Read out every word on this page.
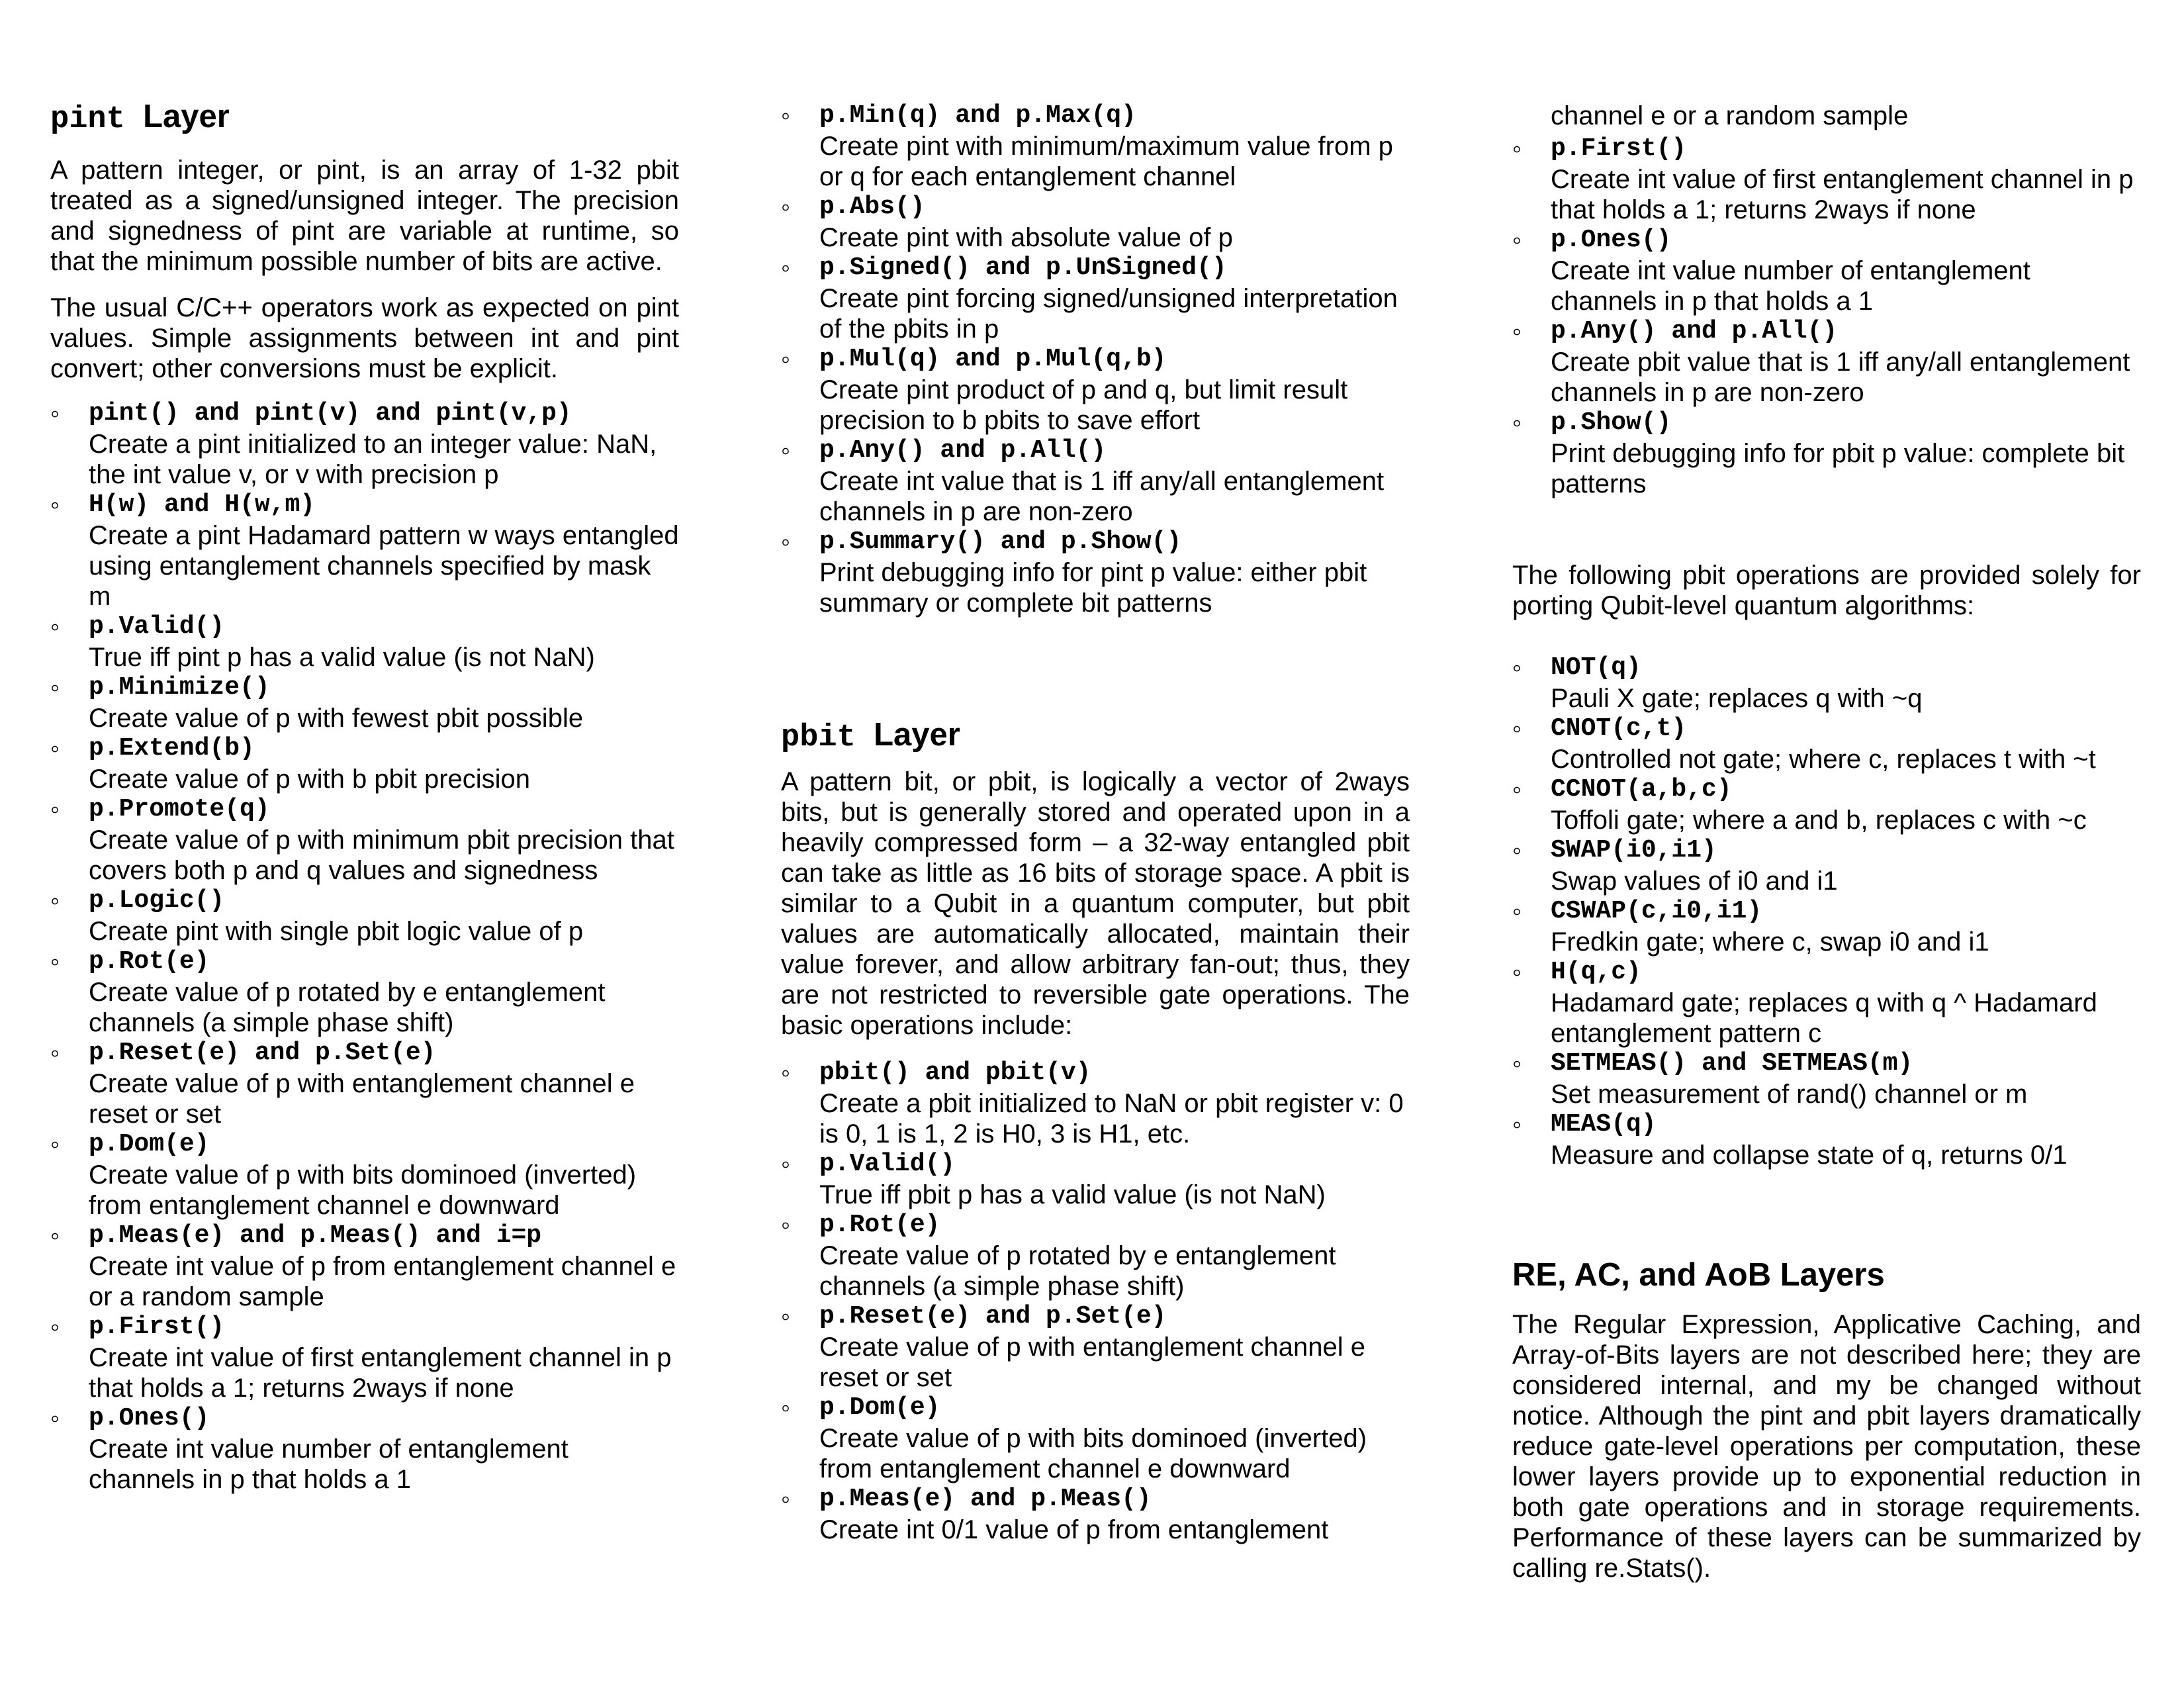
pint Layer
A pattern integer, or pint, is an array of 1-32 pbit treated as a signed/unsigned integer. The precision and signedness of pint are variable at runtime, so that the minimum possible number of bits are active.
The usual C/C++ operators work as expected on pint values. Simple assignments between int and pint convert; other conversions must be explicit.
◦ pint() and pint(v) and pint(v,p)
Create a pint initialized to an integer value: NaN, the int value v, or v with precision p
◦ H(w) and H(w,m)
Create a pint Hadamard pattern w ways entangled using entanglement channels specified by mask m
◦ p.Valid()
True iff pint p has a valid value (is not NaN)
◦ p.Minimize()
Create value of p with fewest pbit possible
◦ p.Extend(b)
Create value of p with b pbit precision
◦ p.Promote(q)
Create value of p with minimum pbit precision that covers both p and q values and signedness
◦ p.Logic()
Create pint with single pbit logic value of p
◦ p.Rot(e)
Create value of p rotated by e entanglement channels (a simple phase shift)
◦ p.Reset(e) and p.Set(e)
Create value of p with entanglement channel e reset or set
◦ p.Dom(e)
Create value of p with bits dominoed (inverted) from entanglement channel e downward
◦ p.Meas(e) and p.Meas() and i=p
Create int value of p from entanglement channel e or a random sample
◦ p.First()
Create int value of first entanglement channel in p that holds a 1; returns 2ways if none
◦ p.Ones()
Create int value number of entanglement channels in p that holds a 1
◦ p.Min(q) and p.Max(q)
Create pint with minimum/maximum value from p or q for each entanglement channel
◦ p.Abs()
Create pint with absolute value of p
◦ p.Signed() and p.UnSigned()
Create pint forcing signed/unsigned interpretation of the pbits in p
◦ p.Mul(q) and p.Mul(q,b)
Create pint product of p and q, but limit result precision to b pbits to save effort
◦ p.Any() and p.All()
Create int value that is 1 iff any/all entanglement channels in p are non-zero
◦ p.Summary() and p.Show()
Print debugging info for pint p value: either pbit summary or complete bit patterns
pbit Layer
A pattern bit, or pbit, is logically a vector of 2ways bits, but is generally stored and operated upon in a heavily compressed form – a 32-way entangled pbit can take as little as 16 bits of storage space. A pbit is similar to a Qubit in a quantum computer, but pbit values are automatically allocated, maintain their value forever, and allow arbitrary fan-out; thus, they are not restricted to reversible gate operations. The basic operations include:
◦ pbit() and pbit(v)
Create a pbit initialized to NaN or pbit register v: 0 is 0, 1 is 1, 2 is H0, 3 is H1, etc.
◦ p.Valid()
True iff pbit p has a valid value (is not NaN)
◦ p.Rot(e)
Create value of p rotated by e entanglement channels (a simple phase shift)
◦ p.Reset(e) and p.Set(e)
Create value of p with entanglement channel e reset or set
◦ p.Dom(e)
Create value of p with bits dominoed (inverted) from entanglement channel e downward
◦ p.Meas(e) and p.Meas()
Create int 0/1 value of p from entanglement
channel e or a random sample
◦ p.First()
Create int value of first entanglement channel in p that holds a 1; returns 2ways if none
◦ p.Ones()
Create int value number of entanglement channels in p that holds a 1
◦ p.Any() and p.All()
Create pbit value that is 1 iff any/all entanglement channels in p are non-zero
◦ p.Show()
Print debugging info for pbit p value: complete bit patterns
The following pbit operations are provided solely for porting Qubit-level quantum algorithms:
◦ NOT(q)
Pauli X gate; replaces q with ~q
◦ CNOT(c,t)
Controlled not gate; where c, replaces t with ~t
◦ CCNOT(a,b,c)
Toffoli gate; where a and b, replaces c with ~c
◦ SWAP(i0,i1)
Swap values of i0 and i1
◦ CSWAP(c,i0,i1)
Fredkin gate; where c, swap i0 and i1
◦ H(q,c)
Hadamard gate; replaces q with q ^ Hadamard entanglement pattern c
◦ SETMEAS() and SETMEAS(m)
Set measurement of rand() channel or m
◦ MEAS(q)
Measure and collapse state of q, returns 0/1
RE, AC, and AoB Layers
The Regular Expression, Applicative Caching, and Array-of-Bits layers are not described here; they are considered internal, and my be changed without notice. Although the pint and pbit layers dramatically reduce gate-level operations per computation, these lower layers provide up to exponential reduction in both gate operations and in storage requirements. Performance of these layers can be summarized by calling re.Stats().
